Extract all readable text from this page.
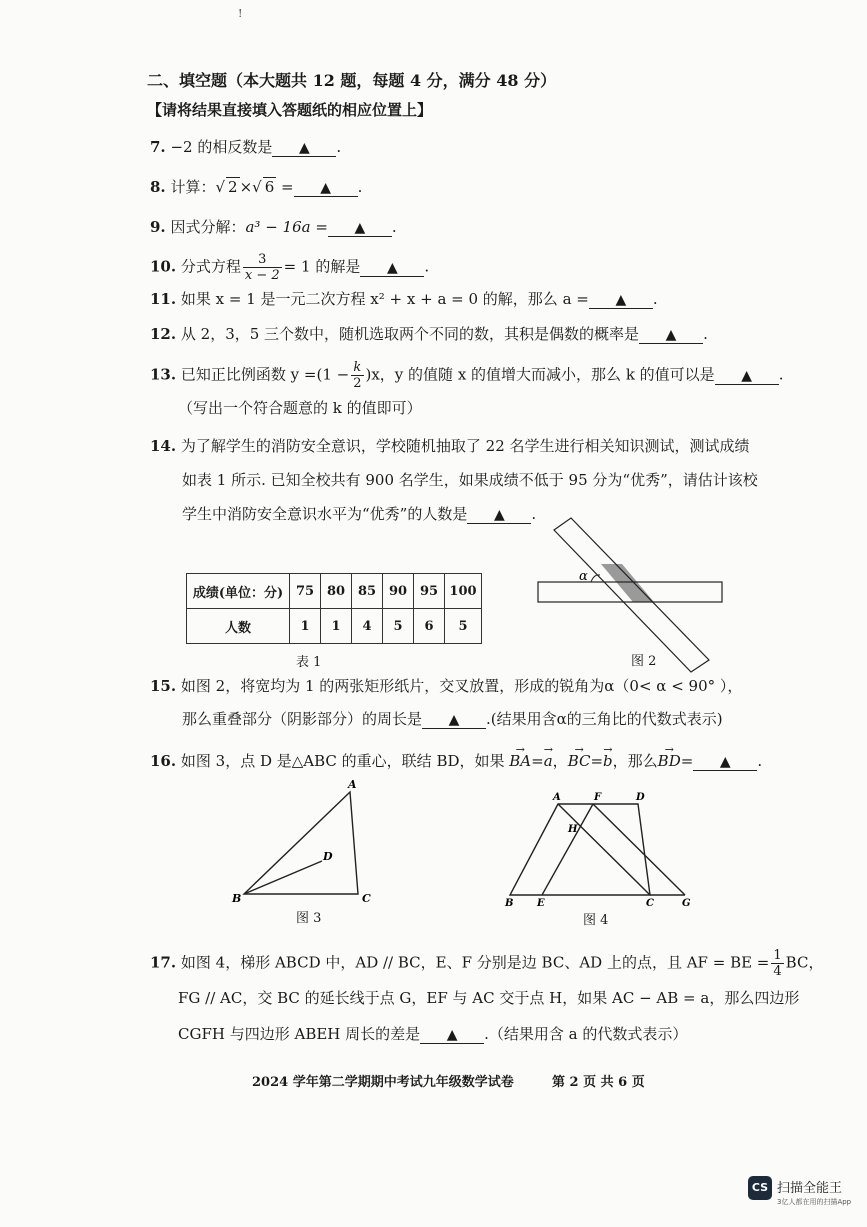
!
二、填空题（本大题共 12 题，每题 4 分，满分 48 分）
【请将结果直接填入答题纸的相应位置上】
7. −2 的相反数是 ▲ .
8. 计算：√ 2 ×√ 6 = ▲ .
9. 因式分解：a³ − 16a = ▲ .
10. 分式方程 $\frac{3}{x - 2} = 1$ 的解是 ▲ .
11. 如果 x = 1 是一元二次方程 x² + x + a = 0 的解，那么 a = ▲ .
12. 从 2，3，5 三个数中，随机选取两个不同的数，其积是偶数的概率是 ▲ .
13. 已知正比例函数 $y =(1 - \frac{k}{2} )x$，y 的值随 x 的值增大而减小，那么 k 的值可以是 ▲ .
（写出一个符合题意的 k 的值即可）
14. 为了解学生的消防安全意识，学校随机抽取了 22 名学生进行相关知识测试，测试成绩
如表 1 所示. 已知全校共有 900 名学生，如果成绩不低于 95 分为“优秀”，请估计该校
学生中消防安全意识水平为“优秀”的人数是 ▲ .
成绩(单位：分)	75	80	85	90	95	100
人数	1	1	4	5	6	5
表 1
α
图 2
15. 如图 2，将宽均为 1 的两张矩形纸片，交叉放置，形成的锐角为α（0< α < 90° ），
那么重叠部分（阴影部分）的周长是 ▲ .(结果用含α的三角比的代数式表示)
16. 如图 3，点 D 是△ABC 的重心，联结 BD，如果 → BA=→ a，→ BC=→ b，那么→ BD= ▲ .
A
B	C
D
图 3
A	F	D
H
B E	C	G
图 4
17. 如图 4，梯形 ABCD 中，AD // BC，E、F 分别是边 BC、AD 上的点，且 AF = BE = $\frac{1}{4}$ BC，
FG // AC，交 BC 的延长线于点 G，EF 与 AC 交于点 H，如果 AC − AB = a，那么四边形
CGFH 与四边形 ABEH 周长的差是 ▲ .（结果用含 a 的代数式表示）
2024 学年第二学期期中考试九年级数学试卷	第 2 页 共 6 页
CS 扫描全能王
3亿人都在用的扫描App
